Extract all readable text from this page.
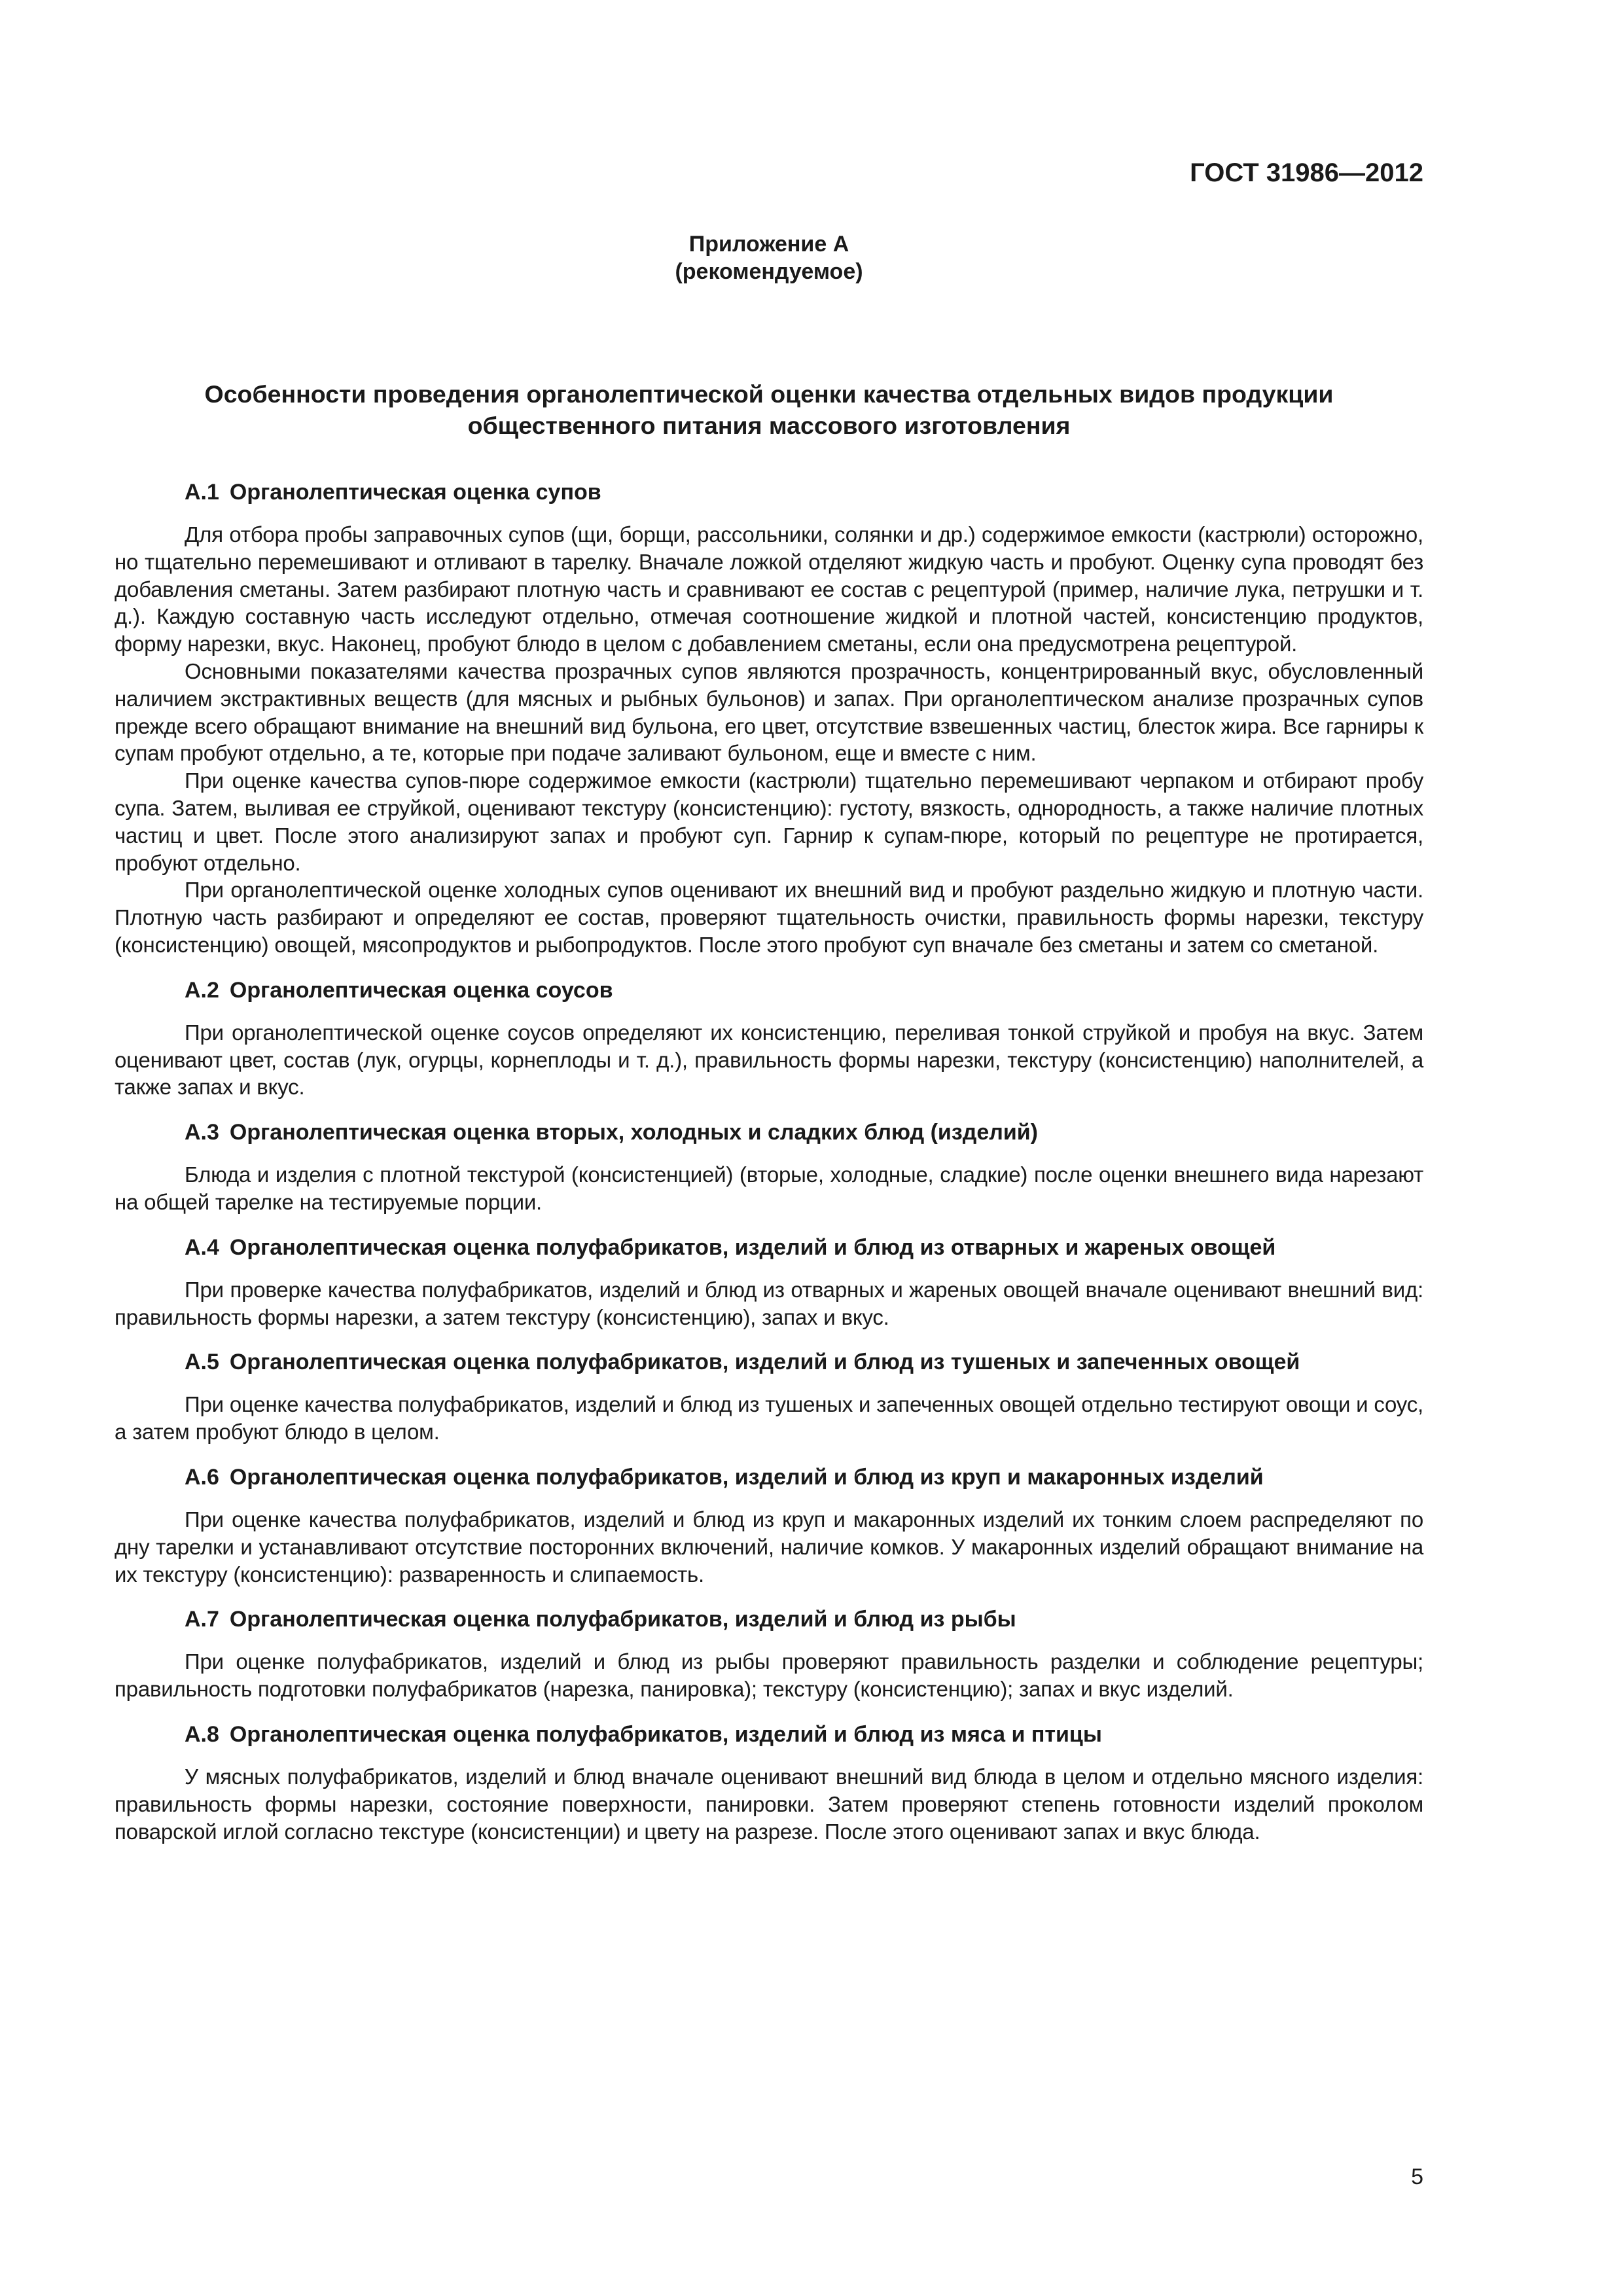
ГОСТ 31986—2012
Приложение А
(рекомендуемое)
Особенности проведения органолептической оценки качества отдельных видов продукции
общественного питания массового изготовления
А.1 Органолептическая оценка супов

Для отбора пробы заправочных супов (щи, борщи, рассольники, солянки и др.) содержимое емкости (кастрюли) осторожно, но тщательно перемешивают и отливают в тарелку. Вначале ложкой отделяют жидкую часть и пробуют. Оценку супа проводят без добавления сметаны. Затем разбирают плотную часть и сравнивают ее состав с рецептурой (пример, наличие лука, петрушки и т. д.). Каждую составную часть исследуют отдельно, отмечая соотношение жидкой и плотной частей, консистенцию продуктов, форму нарезки, вкус. Наконец, пробуют блюдо в целом с добавлением сметаны, если она предусмотрена рецептурой.

Основными показателями качества прозрачных супов являются прозрачность, концентрированный вкус, обусловленный наличием экстрактивных веществ (для мясных и рыбных бульонов) и запах. При органолептическом анализе прозрачных супов прежде всего обращают внимание на внешний вид бульона, его цвет, отсутствие взвешенных частиц, блесток жира. Все гарниры к супам пробуют отдельно, а те, которые при подаче заливают бульоном, еще и вместе с ним.

При оценке качества супов-пюре содержимое емкости (кастрюли) тщательно перемешивают черпаком и отбирают пробу супа. Затем, выливая ее струйкой, оценивают текстуру (консистенцию): густоту, вязкость, однородность, а также наличие плотных частиц и цвет. После этого анализируют запах и пробуют суп. Гарнир к супам-пюре, который по рецептуре не протирается, пробуют отдельно.

При органолептической оценке холодных супов оценивают их внешний вид и пробуют раздельно жидкую и плотную части. Плотную часть разбирают и определяют ее состав, проверяют тщательность очистки, правильность формы нарезки, текстуру (консистенцию) овощей, мясопродуктов и рыбопродуктов. После этого пробуют суп вначале без сметаны и затем со сметаной.

А.2 Органолептическая оценка соусов

При органолептической оценке соусов определяют их консистенцию, переливая тонкой струйкой и пробуя на вкус. Затем оценивают цвет, состав (лук, огурцы, корнеплоды и т. д.), правильность формы нарезки, текстуру (консистенцию) наполнителей, а также запах и вкус.

А.3 Органолептическая оценка вторых, холодных и сладких блюд (изделий)

Блюда и изделия с плотной текстурой (консистенцией) (вторые, холодные, сладкие) после оценки внешнего вида нарезают на общей тарелке на тестируемые порции.

А.4 Органолептическая оценка полуфабрикатов, изделий и блюд из отварных и жареных овощей

При проверке качества полуфабрикатов, изделий и блюд из отварных и жареных овощей вначале оценивают внешний вид: правильность формы нарезки, а затем текстуру (консистенцию), запах и вкус.

А.5 Органолептическая оценка полуфабрикатов, изделий и блюд из тушеных и запеченных овощей

При оценке качества полуфабрикатов, изделий и блюд из тушеных и запеченных овощей отдельно тестируют овощи и соус, а затем пробуют блюдо в целом.

А.6 Органолептическая оценка полуфабрикатов, изделий и блюд из круп и макаронных изделий

При оценке качества полуфабрикатов, изделий и блюд из круп и макаронных изделий их тонким слоем распределяют по дну тарелки и устанавливают отсутствие посторонних включений, наличие комков. У макаронных изделий обращают внимание на их текстуру (консистенцию): разваренность и слипаемость.

А.7 Органолептическая оценка полуфабрикатов, изделий и блюд из рыбы

При оценке полуфабрикатов, изделий и блюд из рыбы проверяют правильность разделки и соблюдение рецептуры; правильность подготовки полуфабрикатов (нарезка, панировка); текстуру (консистенцию); запах и вкус изделий.

А.8 Органолептическая оценка полуфабрикатов, изделий и блюд из мяса и птицы

У мясных полуфабрикатов, изделий и блюд вначале оценивают внешний вид блюда в целом и отдельно мясного изделия: правильность формы нарезки, состояние поверхности, панировки. Затем проверяют степень готовности изделий проколом поварской иглой согласно текстуре (консистенции) и цвету на разрезе. После этого оценивают запах и вкус блюда.

5
